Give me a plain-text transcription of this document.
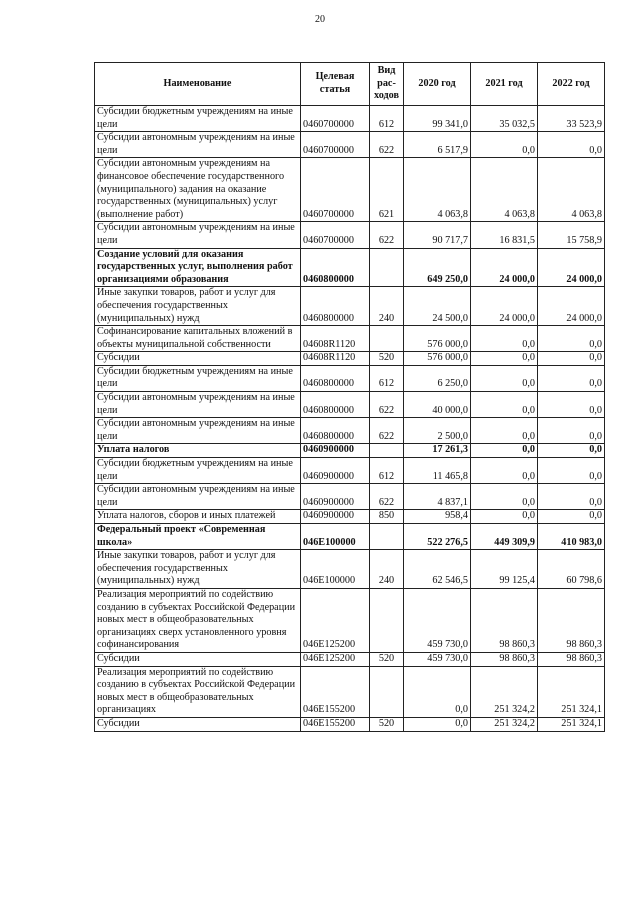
20
Наименование	Целевая статья	Вид рас-ходов	2020 год	2021 год	2022 год
Субсидии бюджетным учреждениям на иные цели	0460700000	612	99 341,0	35 032,5	33 523,9
Субсидии автономным учреждениям на иные цели	0460700000	622	6 517,9	0,0	0,0
Субсидии автономным учреждениям на финансовое обеспечение государственного (муниципального) задания на оказание государственных (муниципальных) услуг (выполнение работ)	0460700000	621	4 063,8	4 063,8	4 063,8
Субсидии автономным учреждениям на иные цели	0460700000	622	90 717,7	16 831,5	15 758,9
Создание условий для оказания государственных услуг, выполнения работ организациями образования	0460800000		649 250,0	24 000,0	24 000,0
Иные закупки товаров, работ и услуг для обеспечения государственных (муниципальных) нужд	0460800000	240	24 500,0	24 000,0	24 000,0
Софинансирование капитальных вложений в объекты муниципальной собственности	04608R1120		576 000,0	0,0	0,0
Субсидии	04608R1120	520	576 000,0	0,0	0,0
Субсидии бюджетным учреждениям на иные цели	0460800000	612	6 250,0	0,0	0,0
Субсидии автономным учреждениям на иные цели	0460800000	622	40 000,0	0,0	0,0
Субсидии автономным учреждениям на иные цели	0460800000	622	2 500,0	0,0	0,0
Уплата налогов	0460900000		17 261,3	0,0	0,0
Субсидии бюджетным учреждениям на иные цели	0460900000	612	11 465,8	0,0	0,0
Субсидии автономным учреждениям на иные цели	0460900000	622	4 837,1	0,0	0,0
Уплата налогов, сборов и иных платежей	0460900000	850	958,4	0,0	0,0
Федеральный проект «Современная школа»	046Е100000		522 276,5	449 309,9	410 983,0
Иные закупки товаров, работ и услуг для обеспечения государственных (муниципальных) нужд	046Е100000	240	62 546,5	99 125,4	60 798,6
Реализация мероприятий по содействию созданию в субъектах Российской Федерации новых мест в общеобразовательных организациях сверх установленного уровня софинансирования	046Е125200		459 730,0	98 860,3	98 860,3
Субсидии	046Е125200	520	459 730,0	98 860,3	98 860,3
Реализация мероприятий по содействию созданию в субъектах Российской Федерации новых мест в общеобразовательных организациях	046Е155200		0,0	251 324,2	251 324,1
Субсидии	046Е155200	520	0,0	251 324,2	251 324,1
